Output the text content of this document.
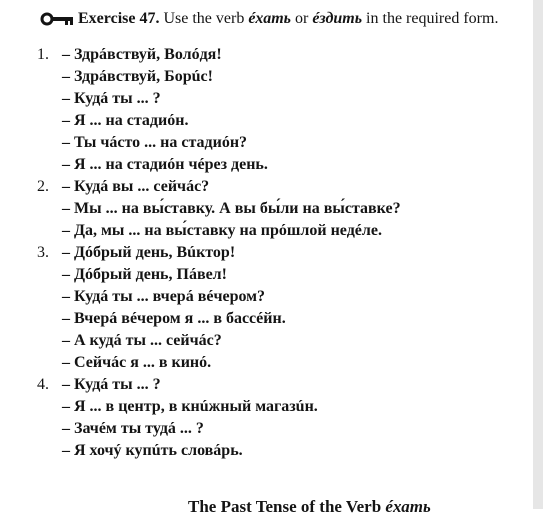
Exercise 47. Use the verb éхать or éздить in the required form.
1. – Здрáвствуй, Волóдя!
– Здрáвствуй, Борúс!
– Кудá ты ... ?
– Я ... на стадиóн.
– Ты чáсто ... на стадиóн?
– Я ... на стадиóн чéрез день.
2. – Кудá вы ... сейчáс?
– Мы ... на вы́ставку. А вы бы́ли на вы́ставке?
– Да, мы ... на вы́ставку на прóшлой недéле.
3. – Дóбрый день, Вúктор!
– Дóбрый день, Пáвел!
– Кудá ты ... вчерá вéчером?
– Вчерá вéчером я ... в бассéйн.
– А кудá ты ... сейчáс?
– Сейчáс я ... в кинó.
4. – Кудá ты ... ?
– Я ... в центр, в кнúжный магазúн.
– Зачéм ты тудá ... ?
– Я хочý купúть словáрь.
The Past Tense of the Verb éхать
